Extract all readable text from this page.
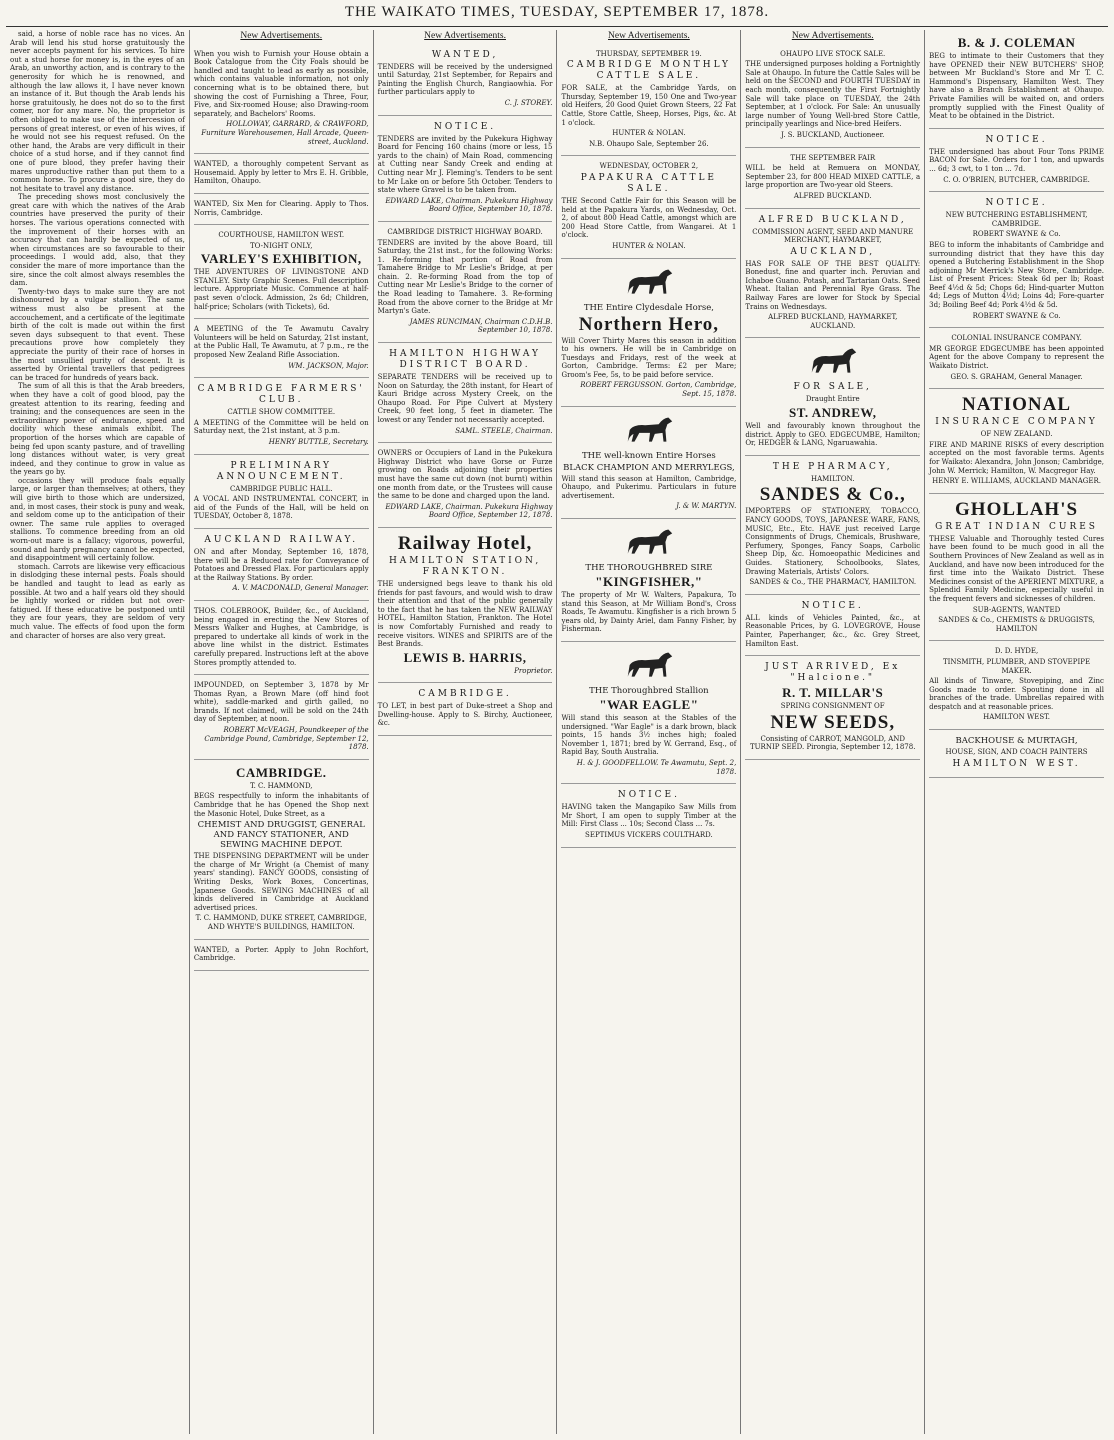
THE WAIKATO TIMES, TUESDAY, SEPTEMBER 17, 1878.

said, a horse of noble race has no vices. An Arab will lend his stud horse gratuitously the never accepts payment for his services. To hire out a stud horse for money is, in the eyes of an Arab, an unworthy action, and is contrary to the generosity for which he is renowned, and although the law allows it, I have never known an instance of it. But though the Arab lends his horse gratuitously, he does not do so to the first comer, nor for any mare. No, the proprietor is often obliged to make use of the intercession of persons of great interest, or even of his wives, if he would not see his request refused. On the other hand, the Arabs are very difficult in their choice of a stud horse, and if they cannot find one of pure blood, they prefer having their mares unproductive rather than put them to a common horse. To procure a good sire, they do not hesitate to travel any distance.

The preceding shows most conclusively the great care with which the natives of the Arab countries have preserved the purity of their horses. The various operations connected with the improvement of their horses with an accuracy that can hardly be expected of us, when circumstances are so favourable to their proceedings. I would add, also, that they consider the mare of more importance than the sire, since the colt almost always resembles the dam.

Twenty-two days to make sure they are not dishonoured by a vulgar stallion. The same witness must also be present at the accouchement, and a certificate of the legitimate birth of the colt is made out within the first seven days subsequent to that event. These precautions prove how completely they appreciate the purity of their race of horses in the most unsullied purity of descent. It is asserted by Oriental travellers that pedigrees can be traced for hundreds of years back.

The sum of all this is that the Arab breeders, when they have a colt of good blood, pay the greatest attention to its rearing, feeding and training; and the consequences are seen in the extraordinary power of endurance, speed and docility which these animals exhibit. The proportion of the horses which are capable of being fed upon scanty pasture, and of travelling long distances without water, is very great indeed, and they continue to grow in value as the years go by.

occasions they will produce foals equally large, or larger than themselves; at others, they will give birth to those which are undersized, and, in most cases, their stock is puny and weak, and seldom come up to the anticipation of their owner. The same rule applies to overaged stallions. To commence breeding from an old worn-out mare is a fallacy; vigorous, powerful, sound and hardy pregnancy cannot be expected, and disappointment will certainly follow.

stomach. Carrots are likewise very efficacious in dislodging these internal pests. Foals should be handled and taught to lead as early as possible. At two and a half years old they should be lightly worked or ridden but not over-fatigued. If these educative be postponed until they are four years, they are seldom of very much value. The effects of food upon the form and character of horses are also very great.

New Advertisements.

When you wish to Furnish your House obtain a Book Catalogue from the City Foals should be handled and taught to lead as early as possible, which contains valuable information, not only concerning what is to be obtained there, but showing the cost of Furnishing a Three, Four, Five, and Six-roomed House; also Drawing-room separately, and Bachelors' Rooms.

HOLLOWAY, GARRARD, & CRAWFORD, Furniture Warehousemen, Hall Arcade, Queen-street, Auckland.

WANTED, a thoroughly competent Servant as Housemaid. Apply by letter to Mrs E. H. Gribble, Hamilton, Ohaupo.

WANTED, Six Men for Clearing. Apply to Thos. Norris, Cambridge.

COURTHOUSE, HAMILTON WEST.

TO-NIGHT ONLY,

VARLEY'S EXHIBITION,

THE ADVENTURES OF LIVINGSTONE AND STANLEY. Sixty Graphic Scenes. Full description lecture. Appropriate Music. Commence at half-past seven o'clock. Admission, 2s 6d; Children, half-price; Scholars (with Tickets), 6d.

A MEETING of the Te Awamutu Cavalry Volunteers will be held on Saturday, 21st instant, at the Public Hall, Te Awamutu, at 7 p.m., re the proposed New Zealand Rifle Association.

WM. JACKSON, Major.

CAMBRIDGE FARMERS' CLUB.

CATTLE SHOW COMMITTEE.

A MEETING of the Committee will be held on Saturday next, the 21st instant, at 3 p.m.

HENRY BUTTLE, Secretary.

PRELIMINARY ANNOUNCEMENT.

CAMBRIDGE PUBLIC HALL.

A VOCAL AND INSTRUMENTAL CONCERT, in aid of the Funds of the Hall, will be held on TUESDAY, October 8, 1878.

AUCKLAND RAILWAY.

ON and after Monday, September 16, 1878, there will be a Reduced rate for Conveyance of Potatoes and Dressed Flax. For particulars apply at the Railway Stations. By order.

A. V. MACDONALD, General Manager.

THOS. COLEBROOK, Builder, &c., of Auckland, being engaged in erecting the New Stores of Messrs Walker and Hughes, at Cambridge, is prepared to undertake all kinds of work in the above line whilst in the district. Estimates carefully prepared. Instructions left at the above Stores promptly attended to.

IMPOUNDED, on September 3, 1878 by Mr Thomas Ryan, a Brown Mare (off hind foot white), saddle-marked and girth galled, no brands. If not claimed, will be sold on the 24th day of September, at noon.

ROBERT McVEAGH, Poundkeeper of the Cambridge Pound, Cambridge, September 12, 1878.

CAMBRIDGE.

T. C. HAMMOND,

BEGS respectfully to inform the inhabitants of Cambridge that he has Opened the Shop next the Masonic Hotel, Duke Street, as a

CHEMIST AND DRUGGIST, GENERAL AND FANCY STATIONER, AND SEWING MACHINE DEPOT.

THE DISPENSING DEPARTMENT will be under the charge of Mr Wright (a Chemist of many years' standing). FANCY GOODS, consisting of Writing Desks, Work Boxes, Concertinas, Japanese Goods. SEWING MACHINES of all kinds delivered in Cambridge at Auckland advertised prices.

T. C. HAMMOND, DUKE STREET, CAMBRIDGE, AND WHYTE'S BUILDINGS, HAMILTON.

WANTED, a Porter. Apply to John Rochfort, Cambridge.

New Advertisements.

WANTED,

TENDERS will be received by the undersigned until Saturday, 21st September, for Repairs and Painting the English Church, Rangiaowhia. For further particulars apply to

C. J. STOREY.

NOTICE.

TENDERS are invited by the Pukekura Highway Board for Fencing 160 chains (more or less, 15 yards to the chain) of Main Road, commencing at Cutting near Sandy Creek and ending at Cutting near Mr J. Fleming's. Tenders to be sent to Mr Lake on or before 5th October. Tenders to state where Gravel is to be taken from.

EDWARD LAKE, Chairman. Pukekura Highway Board Office, September 10, 1878.

CAMBRIDGE DISTRICT HIGHWAY BOARD.

TENDERS are invited by the above Board, till Saturday, the 21st inst., for the following Works: 1. Re-forming that portion of Road from Tamahere Bridge to Mr Leslie's Bridge, at per chain. 2. Re-forming Road from the top of Cutting near Mr Leslie's Bridge to the corner of the Road leading to Tamahere. 3. Re-forming Road from the above corner to the Bridge at Mr Martyn's Gate.

JAMES RUNCIMAN, Chairman C.D.H.B. September 10, 1878.

HAMILTON HIGHWAY DISTRICT BOARD.

SEPARATE TENDERS will be received up to Noon on Saturday, the 28th instant, for Heart of Kauri Bridge across Mystery Creek, on the Ohaupo Road. For Pipe Culvert at Mystery Creek, 90 feet long, 5 feet in diameter. The lowest or any Tender not necessarily accepted.

SAML. STEELE, Chairman.

OWNERS or Occupiers of Land in the Pukekura Highway District who have Gorse or Furze growing on Roads adjoining their properties must have the same cut down (not burnt) within one month from date, or the Trustees will cause the same to be done and charged upon the land.

EDWARD LAKE, Chairman. Pukekura Highway Board Office, September 12, 1878.

Railway Hotel,

HAMILTON STATION, FRANKTON.

THE undersigned begs leave to thank his old friends for past favours, and would wish to draw their attention and that of the public generally to the fact that he has taken the NEW RAILWAY HOTEL, Hamilton Station, Frankton. The Hotel is now Comfortably Furnished and ready to receive visitors. WINES and SPIRITS are of the Best Brands.

LEWIS B. HARRIS,

Proprietor.

CAMBRIDGE.

TO LET, in best part of Duke-street a Shop and Dwelling-house. Apply to S. Birchy, Auctioneer, &c.

New Advertisements.

THURSDAY, SEPTEMBER 19.

CAMBRIDGE MONTHLY CATTLE SALE.

FOR SALE, at the Cambridge Yards, on Thursday, September 19, 150 One and Two-year old Heifers, 20 Good Quiet Grown Steers, 22 Fat Cattle, Store Cattle, Sheep, Horses, Pigs, &c. At 1 o'clock.

HUNTER & NOLAN.

N.B. Ohaupo Sale, September 26.

WEDNESDAY, OCTOBER 2,

PAPAKURA CATTLE SALE.

THE Second Cattle Fair for this Season will be held at the Papakura Yards, on Wednesday, Oct. 2, of about 800 Head Cattle, amongst which are 200 Head Store Cattle, from Wangarei. At 1 o'clock.

HUNTER & NOLAN.

THE Entire Clydesdale Horse,

Northern Hero,

Will Cover Thirty Mares this season in addition to his owners. He will be in Cambridge on Tuesdays and Fridays, rest of the week at Gorton, Cambridge. Terms: £2 per Mare; Groom's Fee, 5s, to be paid before service.

ROBERT FERGUSSON. Gorton, Cambridge, Sept. 15, 1878.

THE well-known Entire Horses

BLACK CHAMPION AND MERRYLEGS,

Will stand this season at Hamilton, Cambridge, Ohaupo, and Pukerimu. Particulars in future advertisement.

J. & W. MARTYN.

THE THOROUGHBRED SIRE

"KINGFISHER,"

The property of Mr W. Walters, Papakura, To stand this Season, at Mr William Bond's, Cross Roads, Te Awamutu. Kingfisher is a rich brown 5 years old, by Dainty Ariel, dam Fanny Fisher, by Fisherman.

THE Thoroughbred Stallion

"WAR EAGLE"

Will stand this season at the Stables of the undersigned. "War Eagle" is a dark brown, black points, 15 hands 3½ inches high; foaled November 1, 1871; bred by W. Gerrand, Esq., of Rapid Bay, South Australia.

H. & J. GOODFELLOW. Te Awamutu, Sept. 2, 1878.

NOTICE.

HAVING taken the Mangapiko Saw Mills from Mr Short, I am open to supply Timber at the Mill: First Class ... 10s; Second Class ... 7s.

SEPTIMUS VICKERS COULTHARD.

New Advertisements.

OHAUPO LIVE STOCK SALE.

THE undersigned purposes holding a Fortnightly Sale at Ohaupo. In future the Cattle Sales will be held on the SECOND and FOURTH TUESDAY in each month, consequently the First Fortnightly Sale will take place on TUESDAY, the 24th September, at 1 o'clock. For Sale: An unusually large number of Young Well-bred Store Cattle, principally yearlings and Nice-bred Heifers.

J. S. BUCKLAND, Auctioneer.

THE SEPTEMBER FAIR

WILL be held at Remuera on MONDAY, September 23, for 800 HEAD MIXED CATTLE, a large proportion are Two-year old Steers.

ALFRED BUCKLAND.

ALFRED BUCKLAND,

COMMISSION AGENT, SEED AND MANURE MERCHANT, HAYMARKET,

AUCKLAND,

HAS FOR SALE OF THE BEST QUALITY: Bonedust, fine and quarter inch. Peruvian and Ichaboe Guano. Potash, and Tartarian Oats. Seed Wheat. Italian and Perennial Rye Grass. The Railway Fares are lower for Stock by Special Trains on Wednesdays.

ALFRED BUCKLAND, HAYMARKET, AUCKLAND.

FOR SALE,

Draught Entire

ST. ANDREW,

Well and favourably known throughout the district. Apply to GEO. EDGECUMBE, Hamilton; Or, HEDGER & LANG, Ngaruawahia.

THE PHARMACY,

HAMILTON.

SANDES & Co.,

IMPORTERS OF STATIONERY, TOBACCO, FANCY GOODS, TOYS, JAPANESE WARE, FANS, MUSIC, Etc., Etc. HAVE just received Large Consignments of Drugs, Chemicals, Brushware, Perfumery, Sponges, Fancy Soaps, Carbolic Sheep Dip, &c. Homoeopathic Medicines and Guides. Stationery, Schoolbooks, Slates, Drawing Materials, Artists' Colors.

SANDES & Co., THE PHARMACY, HAMILTON.

NOTICE.

ALL kinds of Vehicles Painted, &c., at Reasonable Prices, by G. LOVEGROVE, House Painter, Paperhanger, &c., &c. Grey Street, Hamilton East.

JUST ARRIVED, Ex "Halcione."

R. T. MILLAR'S

SPRING CONSIGNMENT OF

NEW SEEDS,

Consisting of CARROT, MANGOLD, AND TURNIP SEED. Pirongia, September 12, 1878.

B. & J. COLEMAN

BEG to intimate to their Customers that they have OPENED their NEW BUTCHERS' SHOP, between Mr Buckland's Store and Mr T. C. Hammond's Dispensary, Hamilton West. They have also a Branch Establishment at Ohaupo. Private Families will be waited on, and orders promptly supplied with the Finest Quality of Meat to be obtained in the District.

NOTICE.

THE undersigned has about Four Tons PRIME BACON for Sale. Orders for 1 ton, and upwards ... 6d; 3 cwt, to 1 ton ... 7d.

C. O. O'BRIEN, BUTCHER, CAMBRIDGE.

NOTICE.

NEW BUTCHERING ESTABLISHMENT, CAMBRIDGE.

ROBERT SWAYNE & Co.

BEG to inform the inhabitants of Cambridge and surrounding district that they have this day opened a Butchering Establishment in the Shop adjoining Mr Merrick's New Store, Cambridge. List of Present Prices: Steak 6d per lb; Roast Beef 4½d & 5d; Chops 6d; Hind-quarter Mutton 4d; Legs of Mutton 4½d; Loins 4d; Fore-quarter 3d; Boiling Beef 4d; Pork 4½d & 5d.

ROBERT SWAYNE & Co.

COLONIAL INSURANCE COMPANY.

MR GEORGE EDGECUMBE has been appointed Agent for the above Company to represent the Waikato District.

GEO. S. GRAHAM, General Manager.

NATIONAL

INSURANCE COMPANY

OF NEW ZEALAND.

FIRE AND MARINE RISKS of every description accepted on the most favorable terms. Agents for Waikato: Alexandra, John Jonson; Cambridge, John W. Merrick; Hamilton, W. Macgregor Hay.

HENRY E. WILLIAMS, AUCKLAND MANAGER.

GHOLLAH'S

GREAT INDIAN CURES

THESE Valuable and Thoroughly tested Cures have been found to be much good in all the Southern Provinces of New Zealand as well as in Auckland, and have now been introduced for the first time into the Waikato District. These Medicines consist of the APERIENT MIXTURE, a Splendid Family Medicine, especially useful in the frequent fevers and sicknesses of children.

SUB-AGENTS, WANTED

SANDES & Co., CHEMISTS & DRUGGISTS, HAMILTON

D. D. HYDE,

TINSMITH, PLUMBER, AND STOVEPIPE MAKER.

All kinds of Tinware, Stovepiping, and Zinc Goods made to order. Spouting done in all branches of the trade. Umbrellas repaired with despatch and at reasonable prices.

HAMILTON WEST.

BACKHOUSE & MURTAGH,

HOUSE, SIGN, AND COACH PAINTERS

HAMILTON WEST.
